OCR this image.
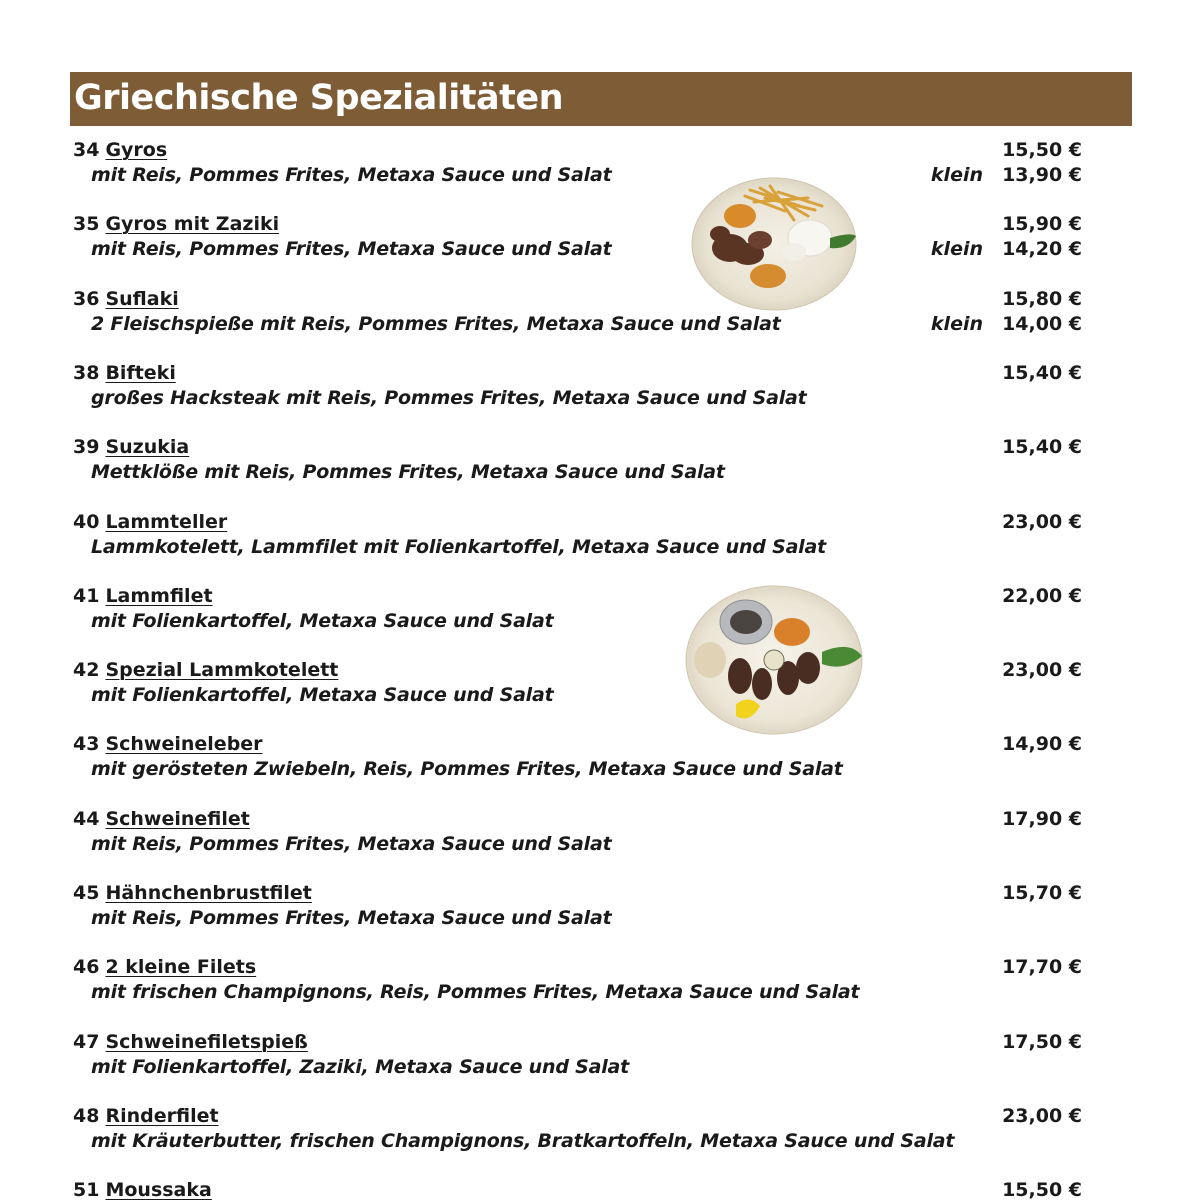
Griechische Spezialitäten
34 Gyros	15,50 €
mit Reis, Pommes Frites, Metaxa Sauce und Salat	klein 13,90 €
35 Gyros mit Zaziki	15,90 €
mit Reis, Pommes Frites, Metaxa Sauce und Salat	klein 14,20 €
36 Suflaki	15,80 €
2 Fleischspieße mit Reis, Pommes Frites, Metaxa Sauce und Salat	klein 14,00 €
38 Bifteki	15,40 €
großes Hacksteak mit Reis, Pommes Frites, Metaxa Sauce und Salat
39 Suzukia	15,40 €
Mettklöße mit Reis, Pommes Frites, Metaxa Sauce und Salat
40 Lammteller	23,00 €
Lammkotelett, Lammfilet mit Folienkartoffel, Metaxa Sauce und Salat
41 Lammfilet	22,00 €
mit Folienkartoffel, Metaxa Sauce und Salat
42 Spezial Lammkotelett	23,00 €
mit Folienkartoffel, Metaxa Sauce und Salat
43 Schweineleber	14,90 €
mit gerösteten Zwiebeln, Reis, Pommes Frites, Metaxa Sauce und Salat
44 Schweinefilet	17,90 €
mit Reis, Pommes Frites, Metaxa Sauce und Salat
45 Hähnchenbrustfilet	15,70 €
mit Reis, Pommes Frites, Metaxa Sauce und Salat
46 2 kleine Filets	17,70 €
mit frischen Champignons, Reis, Pommes Frites, Metaxa Sauce und Salat
47 Schweinefiletspieß	17,50 €
mit Folienkartoffel, Zaziki, Metaxa Sauce und Salat
48 Rinderfilet	23,00 €
mit Kräuterbutter, frischen Champignons, Bratkartoffeln, Metaxa Sauce und Salat
51 Moussaka	15,50 €
